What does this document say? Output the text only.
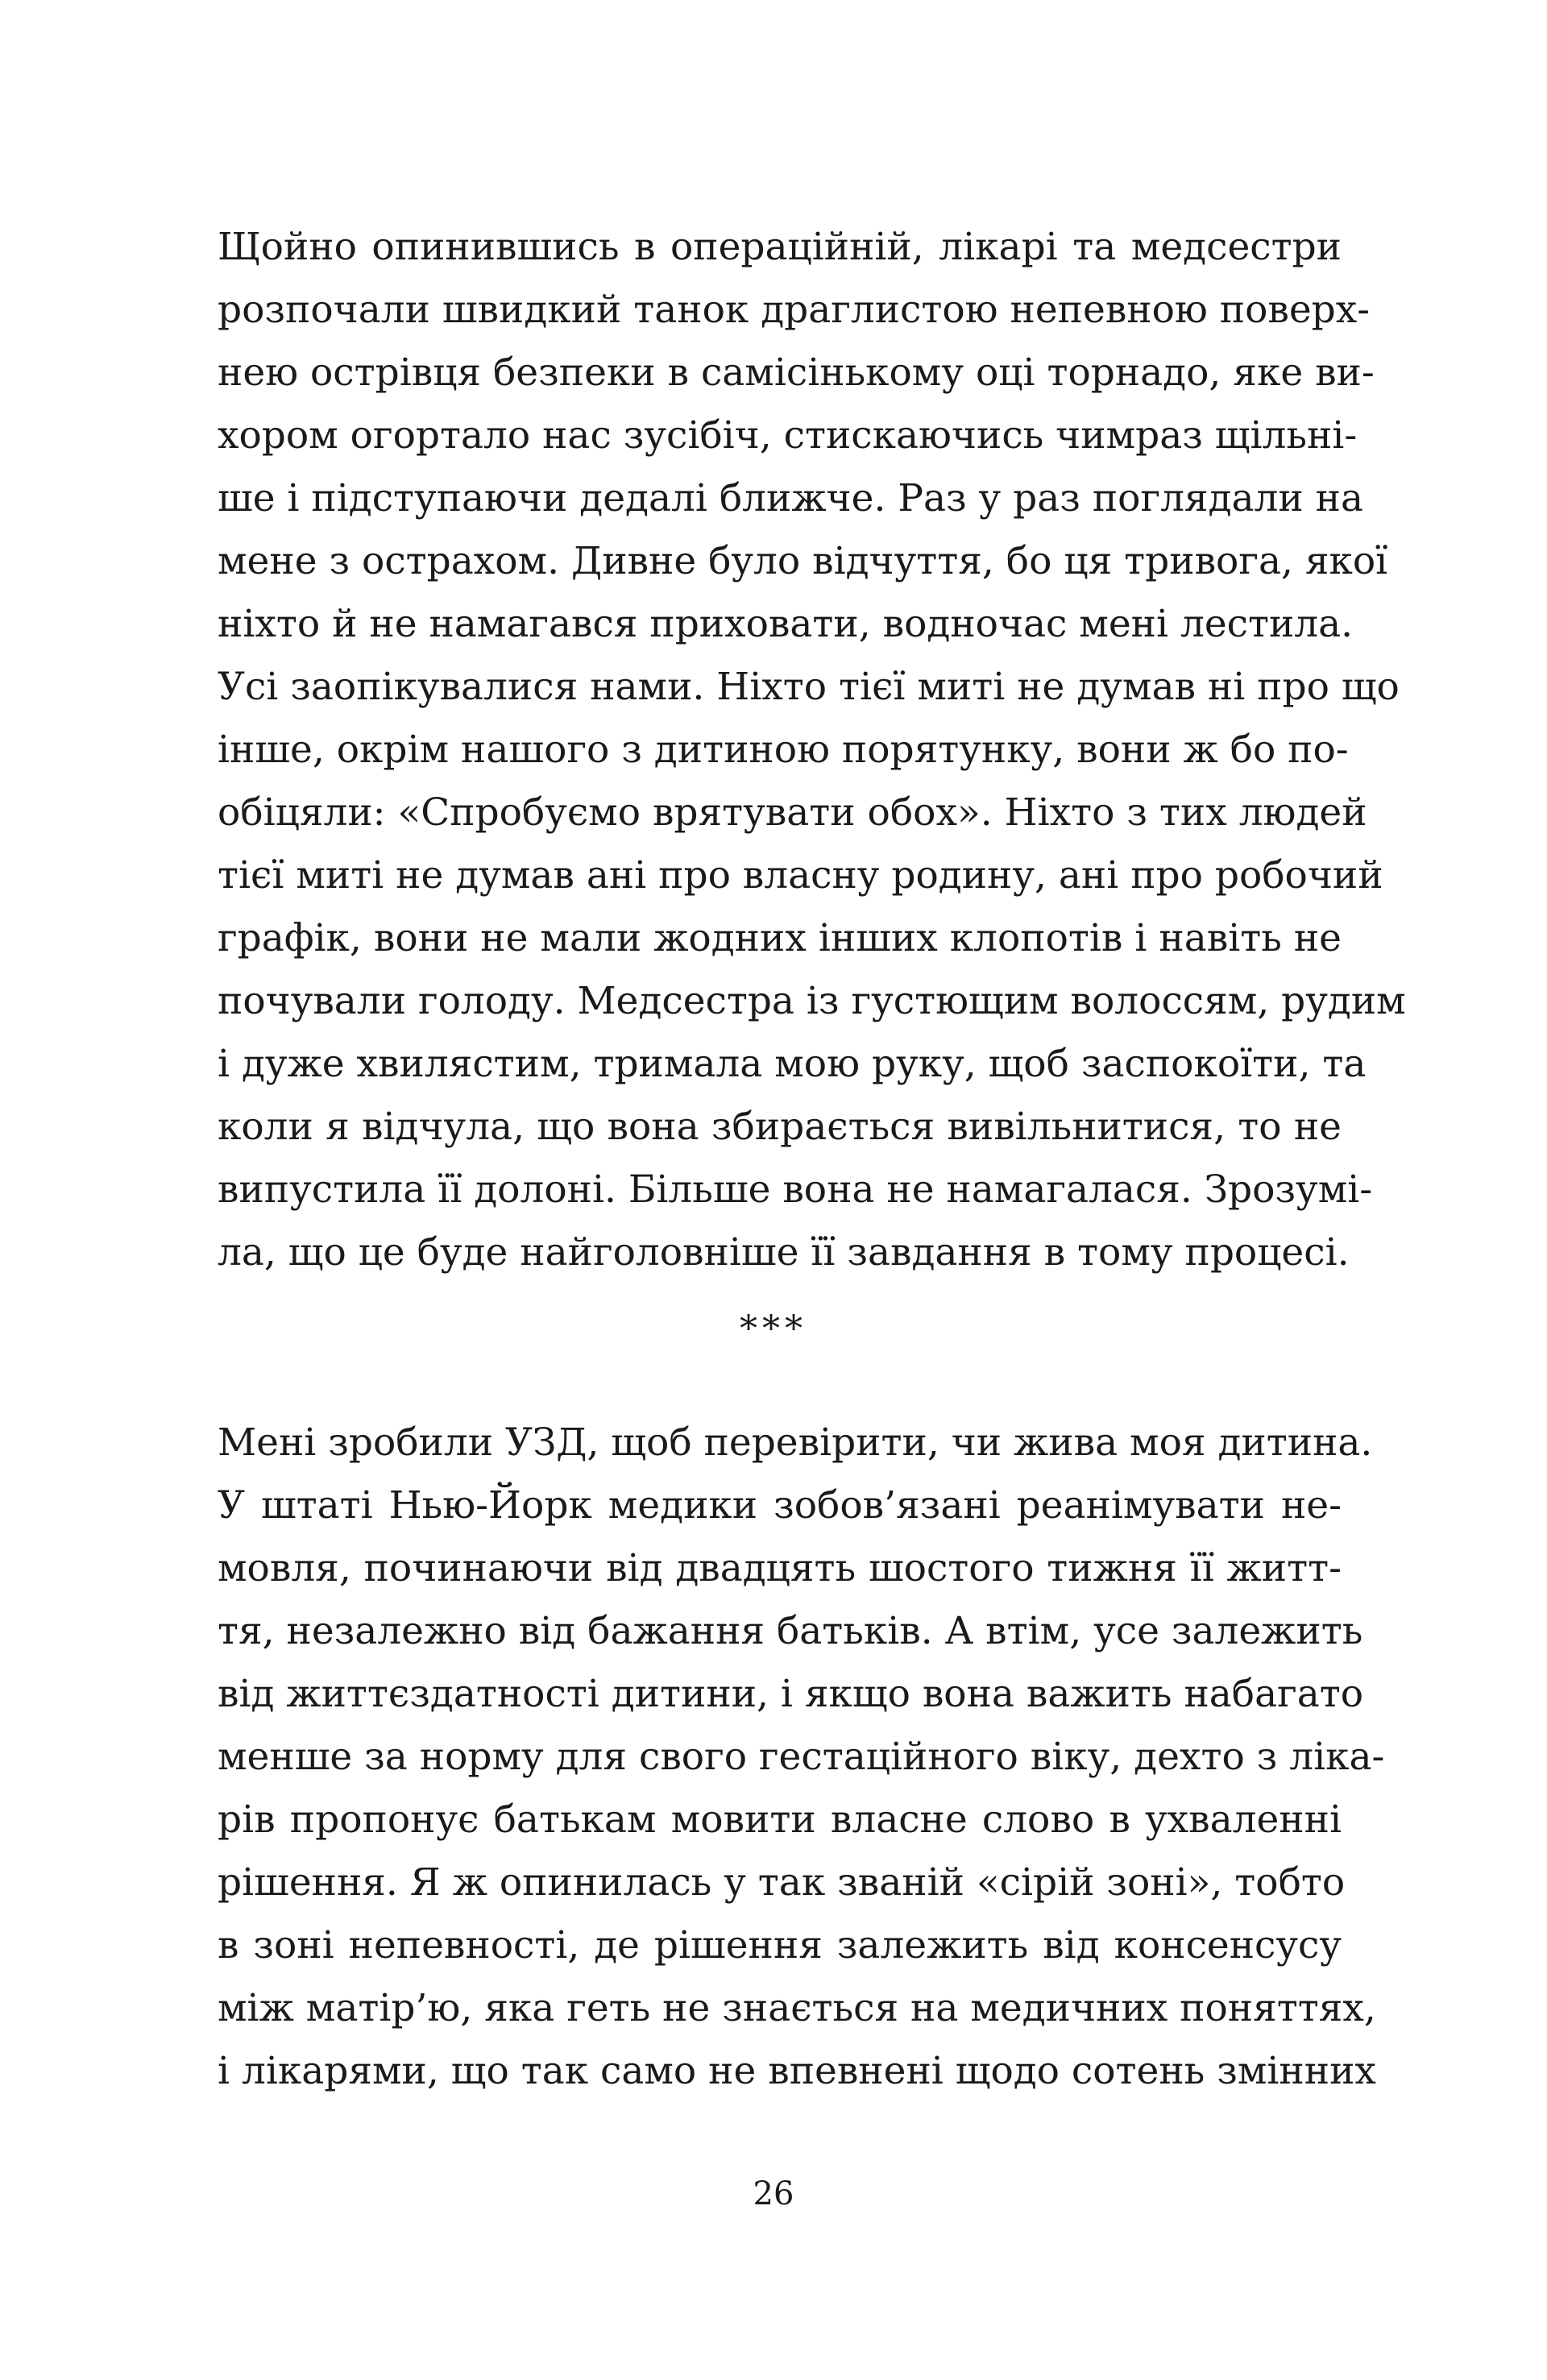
Щойно опинившись в операційній, лікарі та медсестри
розпочали швидкий танок драглистою непевною поверх-
нею острівця безпеки в самісінькому оці торнадо, яке ви-
хором огортало нас зусібіч, стискаючись чимраз щільні-
ше і підступаючи дедалі ближче. Раз у раз поглядали на
мене з острахом. Дивне було відчуття, бо ця тривога, якої
ніхто й не намагався приховати, водночас мені лестила.
Усі заопікувалися нами. Ніхто тієї миті не думав ні про що
інше, окрім нашого з дитиною порятунку, вони ж бо по-
обіцяли: «Спробуємо врятувати обох». Ніхто з тих людей
тієї миті не думав ані про власну родину, ані про робочий
графік, вони не мали жодних інших клопотів і навіть не
почували голоду. Медсестра із густющим волоссям, рудим
і дуже хвилястим, тримала мою руку, щоб заспокоїти, та
коли я відчула, що вона збирається вивільнитися, то не
випустила її долоні. Більше вона не намагалася. Зрозумі-
ла, що це буде найголовніше її завдання в тому процесі.
***
Мені зробили УЗД, щоб перевірити, чи жива моя дитина.
У штаті Нью-Йорк медики зобов’язані реанімувати не-
мовля, починаючи від двадцять шостого тижня її житт-
тя, незалежно від бажання батьків. А втім, усе залежить
від життєздатності дитини, і якщо вона важить набагато
менше за норму для свого гестаційного віку, дехто з ліка-
рів пропонує батькам мовити власне слово в ухваленні
рішення. Я ж опинилась у так званій «сірій зоні», тобто
в зоні непевності, де рішення залежить від консенсусу
між матір’ю, яка геть не знається на медичних поняттях,
і лікарями, що так само не впевнені щодо сотень змінних
26
